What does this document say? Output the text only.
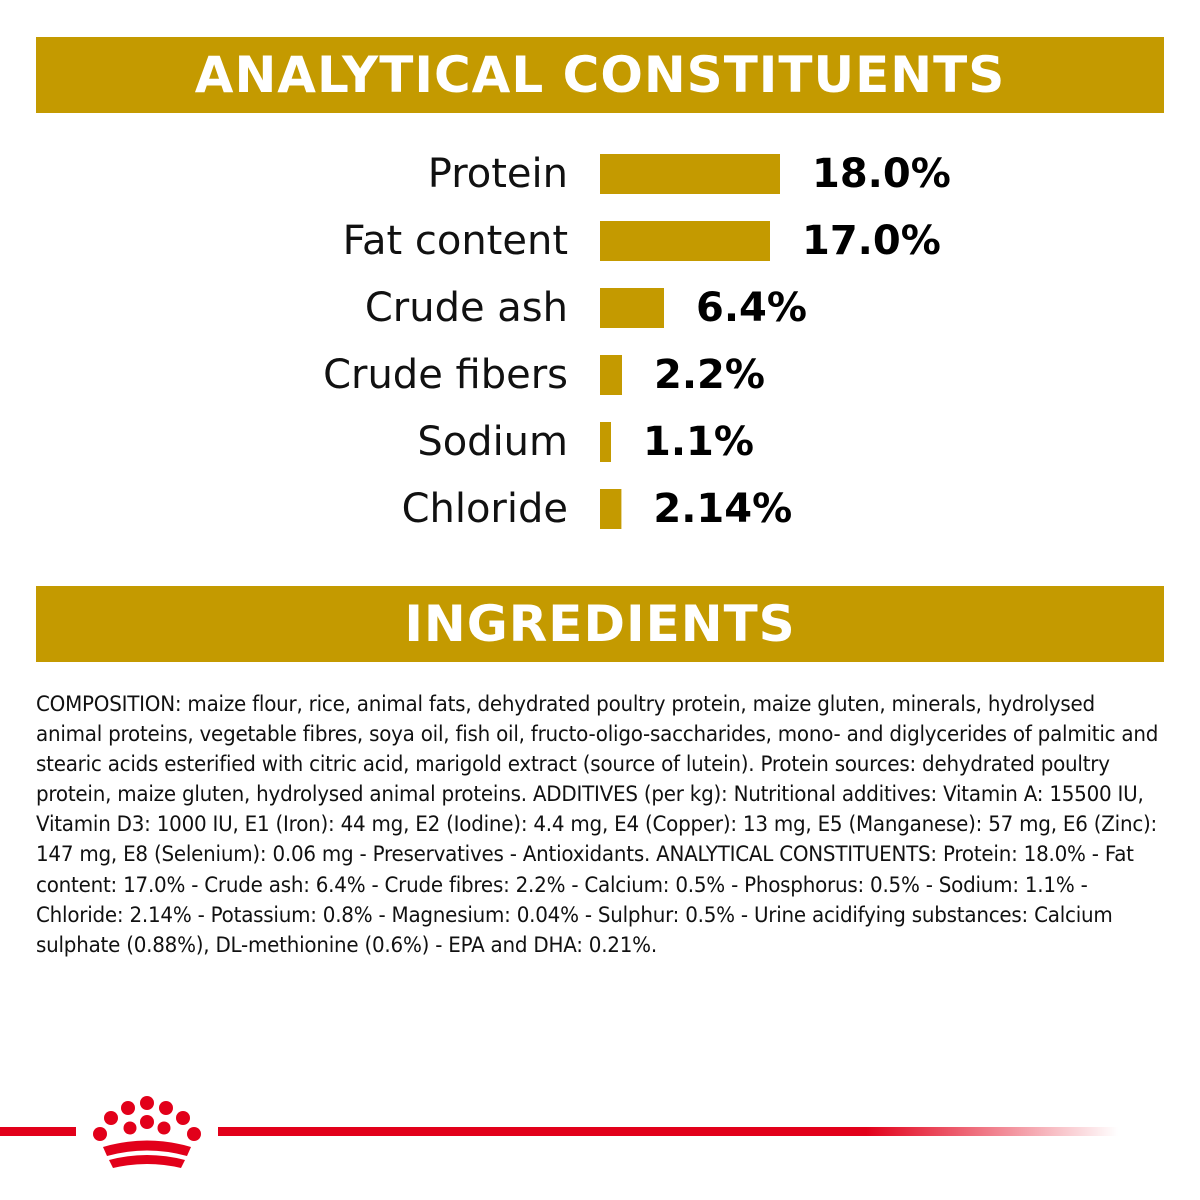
ANALYTICAL CONSTITUENTS
Protein	18.0%
Fat content	17.0%
Crude ash	6.4%
Crude fibers 2.2%
Sodium 1.1%
Chloride 2.14%
INGREDIENTS

COMPOSITION: maize flour, rice, animal fats, dehydrated poultry protein, maize gluten, minerals, hydrolysed animal proteins, vegetable fibres, soya oil, fish oil, fructo-oligo-saccharides, mono- and diglycerides of palmitic and stearic acids esterified with citric acid, marigold extract (source of lutein). Protein sources: dehydrated poultry protein, maize gluten, hydrolysed animal proteins. ADDITIVES (per kg): Nutritional additives: Vitamin A: 15500 IU, Vitamin D3: 1000 IU, E1 (Iron): 44 mg, E2 (Iodine): 4.4 mg, E4 (Copper): 13 mg, E5 (Manganese): 57 mg, E6 (Zinc): 147 mg, E8 (Selenium): 0.06 mg - Preservatives - Antioxidants. ANALYTICAL CONSTITUENTS: Protein: 18.0% - Fat content: 17.0% - Crude ash: 6.4% - Crude fibres: 2.2% - Calcium: 0.5% - Phosphorus: 0.5% - Sodium: 1.1% - Chloride: 2.14% - Potassium: 0.8% - Magnesium: 0.04% - Sulphur: 0.5% - Urine acidifying substances: Calcium sulphate (0.88%), DL-methionine (0.6%) - EPA and DHA: 0.21%.
